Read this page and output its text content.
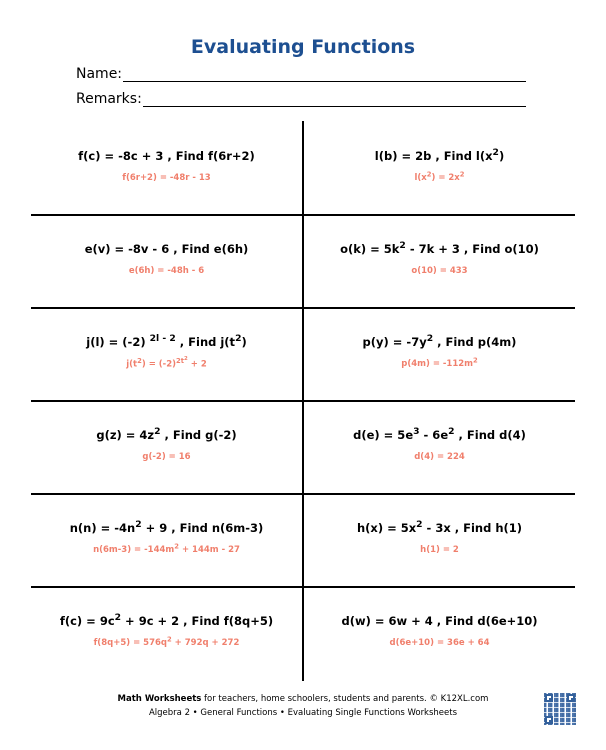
Evaluating Functions
Name:
Remarks:
f(c) = -8c + 3 , Find f(6r+2)
f(6r+2) = -48r - 13
l(b) = 2b , Find $l(x^2)$
$l(x^2) = 2x^2$
e(v) = -8v - 6 , Find e(6h)
e(6h) = -48h - 6
$o(k) = 5k^2 - 7k + 3$ , Find o(10)
o(10) = 433
j(l) = (-2) $^{2l - 2}$ , Find $j(t^2)$
$j(t^2) = (-2)^{2t^2} + 2$
$p(y) = -7y^2$ , Find p(4m)
$p(4m) = -112m^2$
$g(z) = 4z^2$ , Find g(-2)
g(-2) = 16
$d(e) = 5e^3 - 6e^2$ , Find d(4)
d(4) = 224
$n(n) = -4n^2 + 9$ , Find n(6m-3)
$n(6m-3) = -144m^2 + 144m - 27$
$h(x) = 5x^2 - 3x$ , Find h(1)
h(1) = 2
$f(c) = 9c^2 + 9c + 2$ , Find f(8q+5)
$f(8q+5) = 576q^2 + 792q + 272$
d(w) = 6w + 4 , Find d(6e+10)
d(6e+10) = 36e + 64
Math Worksheets for teachers, home schoolers, students and parents. © K12XL.com
Algebra 2 • General Functions • Evaluating Single Functions Worksheets
